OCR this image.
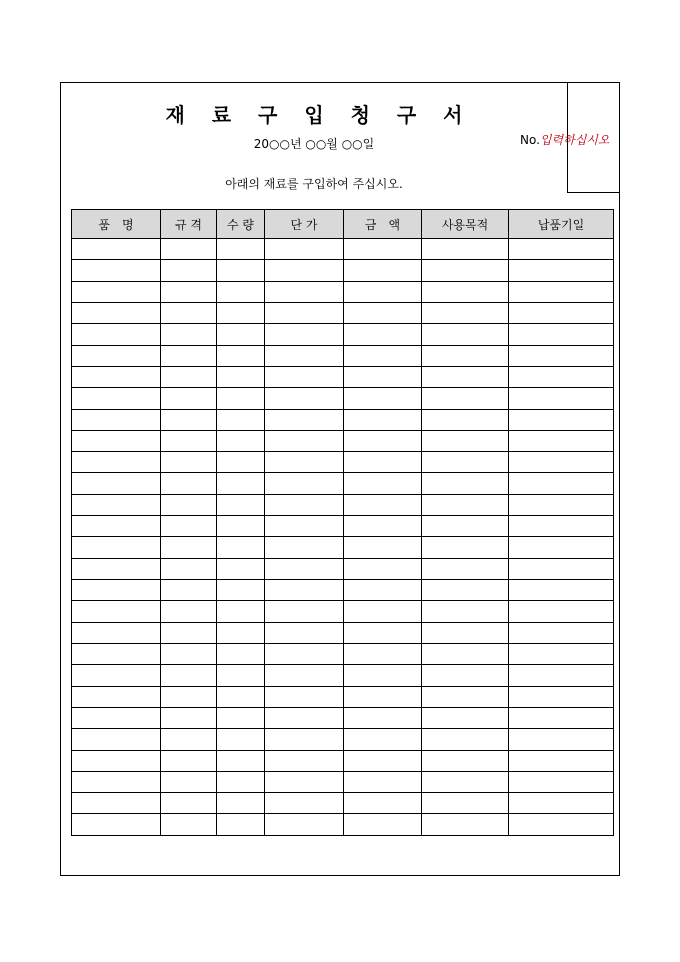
재 료 구 입 청 구 서
20○○년 ○○월 ○○일
아래의 재료를 구입하여 주십시오.
No.입력하십시오
품　명	규 격	수 량	단 가	금　액	사용목적	납품기일
